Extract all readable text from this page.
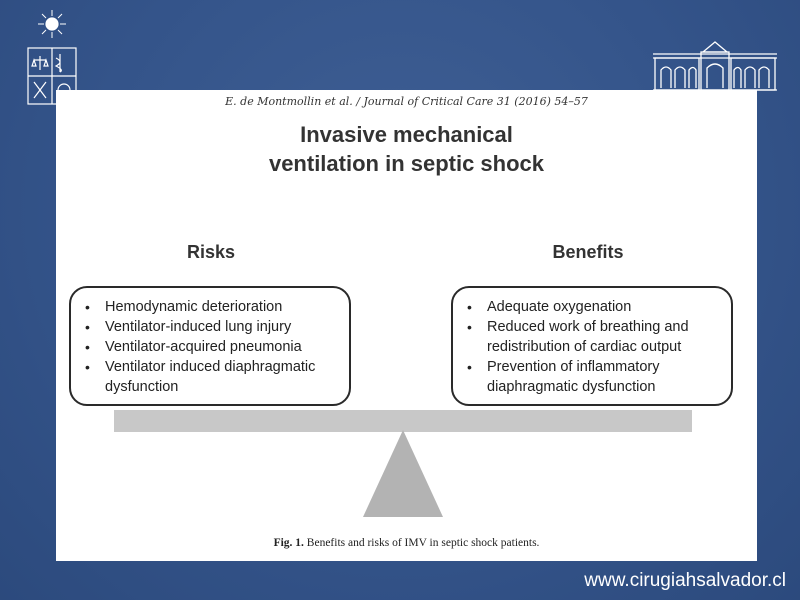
E. de Montmollin et al. / Journal of Critical Care 31 (2016) 54–57
Invasive mechanical
ventilation in septic shock
Risks	Benefits
• Hemodynamic deterioration
• Ventilator-induced lung injury
• Ventilator-acquired pneumonia
• Ventilator induced diaphragmatic dysfunction
• Adequate oxygenation
• Reduced work of breathing and redistribution of cardiac output
• Prevention of inflammatory diaphragmatic dysfunction
Fig. 1. Benefits and risks of IMV in septic shock patients.
www.cirugiahsalvador.cl
